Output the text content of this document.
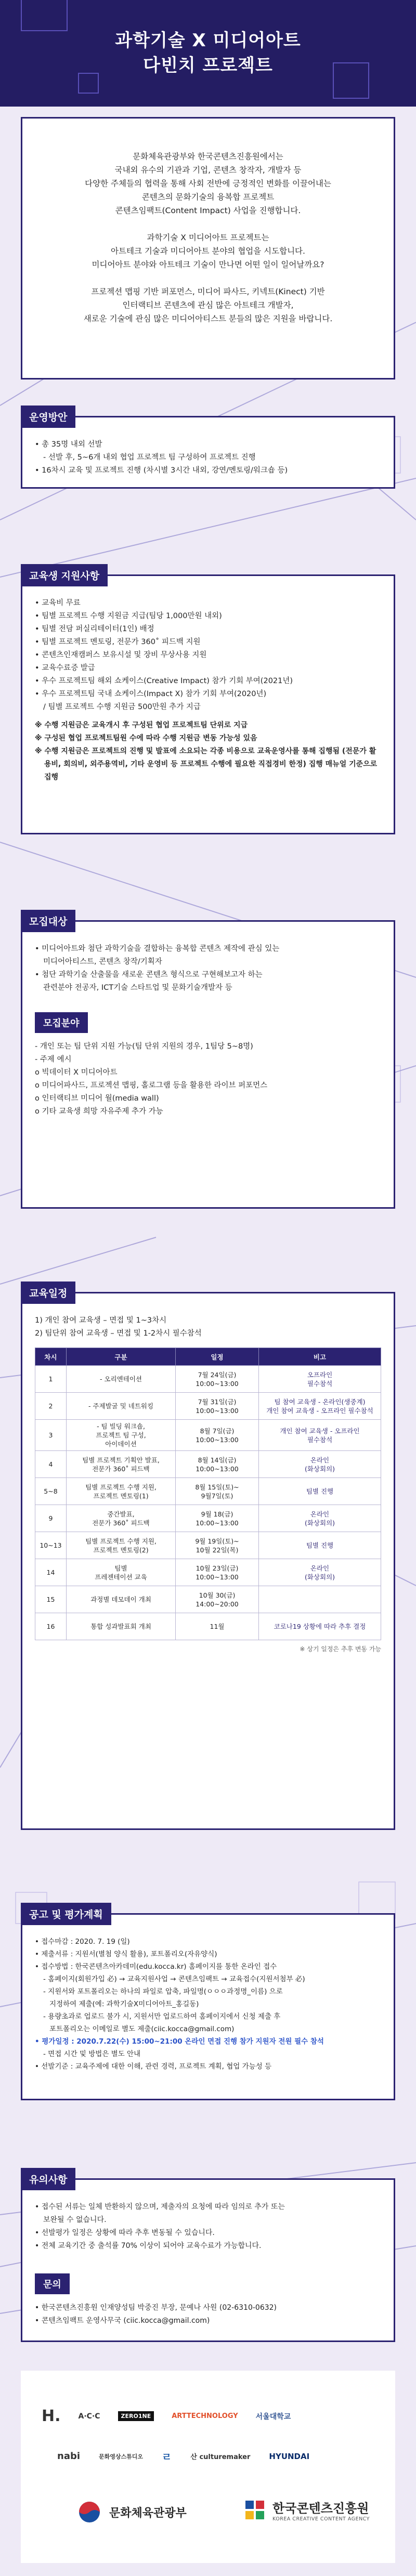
과학기술 X 미디어아트
다빈치 프로젝트

문화체육관광부와 한국콘텐츠진흥원에서는
국내외 유수의 기관과 기업, 콘텐츠 창작자, 개발자 등
다양한 주체들의 협력을 통해 사회 전반에 긍정적인 변화를 이끌어내는
콘텐츠의 문화기술의 융복합 프로젝트
콘텐츠임팩트(Content Impact) 사업을 진행합니다.

과학기술 X 미디어아트 프로젝트는
아트테크 기술과 미디어아트 분야의 협업을 시도합니다.
미디어아트 분야와 아트테크 기술이 만나면 어떤 일이 일어날까요?

프로젝션 맵핑 기반 퍼포먼스, 미디어 파사드, 키넥트(Kinect) 기반
인터랙티브 콘텐츠에 관심 많은 아트테크 개발자,
새로운 기술에 관심 많은 미디어아티스트 분들의 많은 지원을 바랍니다.

운영방안
• 총 35명 내외 선발
- 선발 후, 5~6개 내외 협업 프로젝트 팀 구성하여 프로젝트 진행
• 16차시 교육 및 프로젝트 진행 (차시별 3시간 내외, 강연/멘토링/워크숍 등)
교육생 지원사항
• 교육비 무료
• 팀별 프로젝트 수행 지원금 지급(팀당 1,000만원 내외)
• 팀별 전담 퍼실리테이터(1인) 배정
• 팀별 프로젝트 멘토링, 전문가 360˚ 피드백 지원
• 콘텐츠인재캠퍼스 보유시설 및 장비 무상사용 지원
• 교육수료증 발급
• 우수 프로젝트팀 해외 쇼케이스(Creative Impact) 참가 기회 부여(2021년)
• 우수 프로젝트팀 국내 쇼케이스(Impact X) 참가 기회 부여(2020년)
/ 팀별 프로젝트 수행 지원금 500만원 추가 지급
※ 수행 지원금은 교육개시 후 구성된 협업 프로젝트팀 단위로 지급
※ 구성된 협업 프로젝트팀원 수에 따라 수행 지원금 변동 가능성 있음
※ 수행 지원금은 프로젝트의 진행 및 발표에 소요되는 각종 비용으로 교육운영사를 통해 집행됨 (전문가 활용비, 회의비, 외주용역비, 기타 운영비 등 프로젝트 수행에 필요한 직접경비 한정) 집행 매뉴얼 기준으로 집행
모집대상
• 미디어아트와 첨단 과학기술을 결합하는 융복합 콘텐츠 제작에 관심 있는
미디어아티스트, 콘텐츠 창작/기획자
• 첨단 과학기술 산출물을 새로운 콘텐츠 형식으로 구현해보고자 하는
관련분야 전공자, ICT기술 스타트업 및 문화기술개발자 등
모집분야
- 개인 또는 팀 단위 지원 가능(팀 단위 지원의 경우, 1팀당 5~8명)
- 주제 예시
o 빅데이터 X 미디어아트
o 미디어파사드, 프로젝션 맵핑, 홀로그램 등을 활용한 라이브 퍼포먼스
o 인터랙티브 미디어 월(media wall)
o 기타 교육생 희망 자유주제 추가 가능
교육일정
1) 개인 참여 교육생 – 면접 및 1~3차시
2) 팀단위 참여 교육생 – 면접 및 1-2차시 필수참석
차시	구분	일정	비고
1	- 오리엔테이션	7월 24일(금)
10:00~13:00	오프라인
필수참석
2	- 주제발굴 및 네트워킹	7월 31일(금)
10:00~13:00	팀 참여 교육생 - 온라인(생중계)
개인 참여 교육생 - 오프라인 필수참석
3	- 팀 빌딩 워크숍,
프로젝트 팀 구성,
아이데이션	8월 7일(금)
10:00~13:00	개인 참여 교육생 - 오프라인
필수참석
4	팀별 프로젝트 기획안 발표,
전문가 360˚ 피드백	8월 14일(금)
10:00~13:00	온라인
(화상회의)
5~8	팀별 프로젝트 수행 지원,
프로젝트 멘토링(1)	8월 15일(토)~
9월7일(토)	팀별 진행
9	중간발표,
전문가 360˚ 피드백	9월 18(금)
10:00~13:00	온라인
(화상회의)
10~13	팀별 프로젝트 수행 지원,
프로젝트 멘토링(2)	9월 19일(토)~
10월 22일(목)	팀별 진행
14	팀별
프레젠테이션 교육	10월 23일(금)
10:00~13:00	온라인
(화상회의)
15	과정별 데모데이 개최	10월 30(금)
14:00~20:00	
16	통합 성과발표회 개최	11월	코로나19 상황에 따라 추후 결정
※ 상기 일정은 추후 변동 가능
공고 및 평가계획
• 접수마감 : 2020. 7. 19 (일)
• 제출서류 : 지원서(별첨 양식 활용), 포트폴리오(자유양식)
• 접수방법 : 한국콘텐츠아카데미(edu.kocca.kr) 홈페이지를 통한 온라인 접수
- 홈페이지(회원가입 必) → 교육지원사업 → 콘텐츠임팩트 → 교육접수(지원서첨부 必)
- 지원서와 포트폴리오는 하나의 파일로 압축, 파일명(ㅇㅇㅇ과정명_이름) 으로
지정하여 제출(예: 과학기술X미디어아트_홍길동)
- 용량초과로 업로드 불가 시, 지원서만 업로드하여 홈페이지에서 신청 제출 후
포트폴리오는 이메일로 별도 제출(ciic.kocca@gmail.com)
• 평가일정 : 2020.7.22(수) 15:00~21:00 온라인 면접 진행 참가 지원자 전원 필수 참석
- 면접 시간 및 방법은 별도 안내
• 선발기준 : 교육주제에 대한 이해, 관련 경력, 프로젝트 계획, 협업 가능성 등
유의사항
• 접수된 서류는 일체 반환하지 않으며, 제출자의 요청에 따라 임의로 추가 또는
보완될 수 없습니다.
• 선발평가 일정은 상황에 따라 추후 변동될 수 있습니다.
• 전체 교육기간 중 출석률 70% 이상이 되어야 교육수료가 가능합니다.
문의
• 한국콘텐츠진흥원 인재양성팀 박중진 부장, 문예나 사원 (02-6310-0632)
• 콘텐츠임팩트 운영사무국 (ciic.kocca@gmail.com)
H. A·C·C	ZERO1NE	ARTTECHNOLOGY 서울대학교
nabi	문화영상스튜디오 ㄹ	산 culturemaker HYUNDAI
문화체육관광부	한국콘텐츠진흥원
KOREA CREATIVE CONTENT AGENCY
